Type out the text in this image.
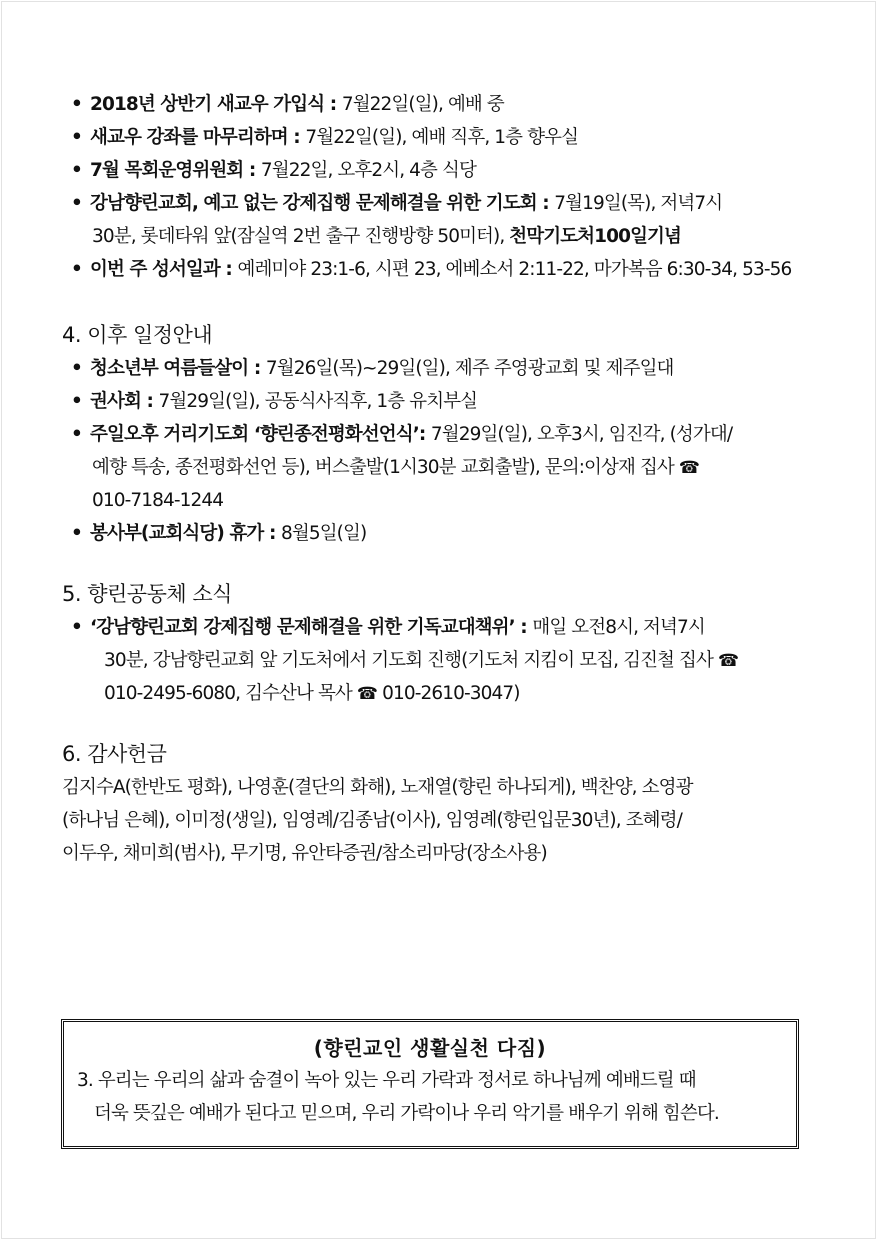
• 2018년 상반기 새교우 가입식 : 7월22일(일), 예배 중
• 새교우 강좌를 마무리하며 : 7월22일(일), 예배 직후, 1층 향우실
• 7월 목회운영위원회 : 7월22일, 오후2시, 4층 식당
• 강남향린교회, 예고 없는 강제집행 문제해결을 위한 기도회 : 7월19일(목), 저녁7시
30분, 롯데타워 앞(잠실역 2번 출구 진행방향 50미터), 천막기도처100일기념
• 이번 주 성서일과 : 예레미야 23:1-6, 시편 23, 에베소서 2:11-22, 마가복음 6:30-34, 53-56
4. 이후 일정안내
• 청소년부 여름들살이 : 7월26일(목)~29일(일), 제주 주영광교회 및 제주일대
• 권사회 : 7월29일(일), 공동식사직후, 1층 유치부실
• 주일오후 거리기도회 ‘향린종전평화선언식’: 7월29일(일), 오후3시, 임진각, (성가대/
예향 특송, 종전평화선언 등), 버스출발(1시30분 교회출발), 문의:이상재 집사 ☎
010-7184-1244
• 봉사부(교회식당) 휴가 : 8월5일(일)
5. 향린공동체 소식
• ‘강남향린교회 강제집행 문제해결을 위한 기독교대책위’ : 매일 오전8시, 저녁7시
30분, 강남향린교회 앞 기도처에서 기도회 진행(기도처 지킴이 모집, 김진철 집사 ☎
010-2495-6080, 김수산나 목사 ☎ 010-2610-3047)
6. 감사헌금
김지수A(한반도 평화), 나영훈(결단의 화해), 노재열(향린 하나되게), 백찬양, 소영광
(하나님 은혜), 이미정(생일), 임영례/김종남(이사), 임영례(향린입문30년), 조혜령/
이두우, 채미희(범사), 무기명, 유안타증권/참소리마당(장소사용)
(향린교인 생활실천 다짐)
3. 우리는 우리의 삶과 숨결이 녹아 있는 우리 가락과 정서로 하나님께 예배드릴 때
더욱 뜻깊은 예배가 된다고 믿으며, 우리 가락이나 우리 악기를 배우기 위해 힘쓴다.
